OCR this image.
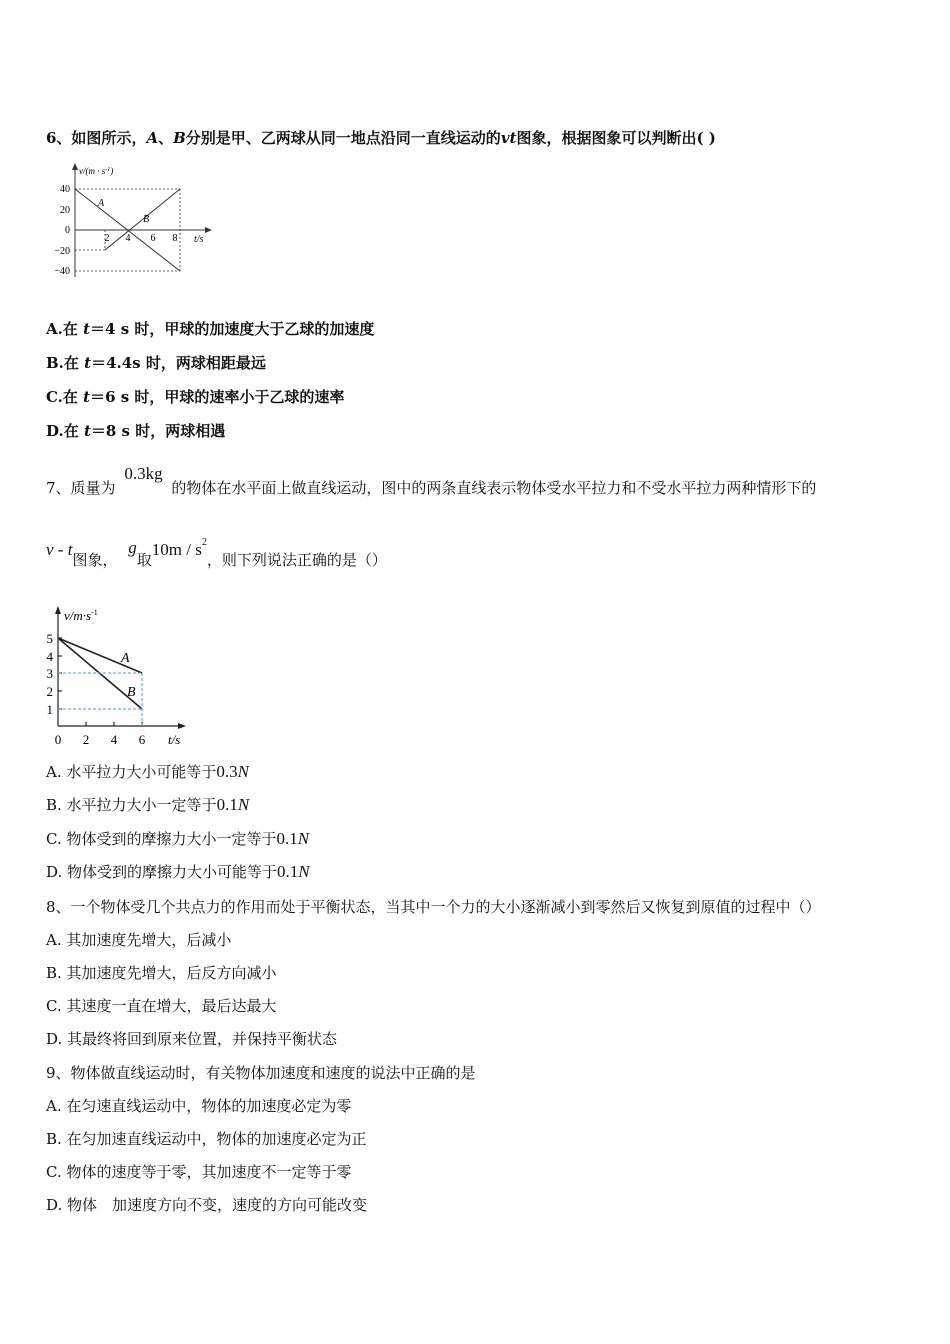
6、如图所示，A、B分别是甲、乙两球从同一地点沿同一直线运动的vt图象，根据图象可以判断出( )
$v/(m \cdot s^{-1})$
t/s
40
20
0
−20
−40
2 4 6 8
A
B
A.在 t＝4 s 时，甲球的加速度大于乙球的加速度
B.在 t＝4.4s 时，两球相距最远
C.在 t＝6 s 时，甲球的速率小于乙球的速率
D.在 t＝8 s 时，两球相遇
7、质量为 0.3kg 的物体在水平面上做直线运动，图中的两条直线表示物体受水平拉力和不受水平拉力两种情形下的
v - t图象， g取$10m / s^2$，则下列说法正确的是（）
$v/m\cdot s^{-1}$
t/s
5
4
3
2
1
0 2 4 6
A
B
A. 水平拉力大小可能等于0.3N
B. 水平拉力大小一定等于0.1N
C. 物体受到的摩擦力大小一定等于0.1N
D. 物体受到的摩擦力大小可能等于0.1N
8、一个物体受几个共点力的作用而处于平衡状态，当其中一个力的大小逐渐减小到零然后又恢复到原值的过程中（）
A. 其加速度先增大，后减小
B. 其加速度先增大，后反方向减小
C. 其速度一直在增大，最后达最大
D. 其最终将回到原来位置，并保持平衡状态
9、物体做直线运动时，有关物体加速度和速度的说法中正确的是
A. 在匀速直线运动中，物体的加速度必定为零
B. 在匀加速直线运动中，物体的加速度必定为正
C. 物体的速度等于零，其加速度不一定等于零
D. 物体　加速度方向不变，速度的方向可能改变
